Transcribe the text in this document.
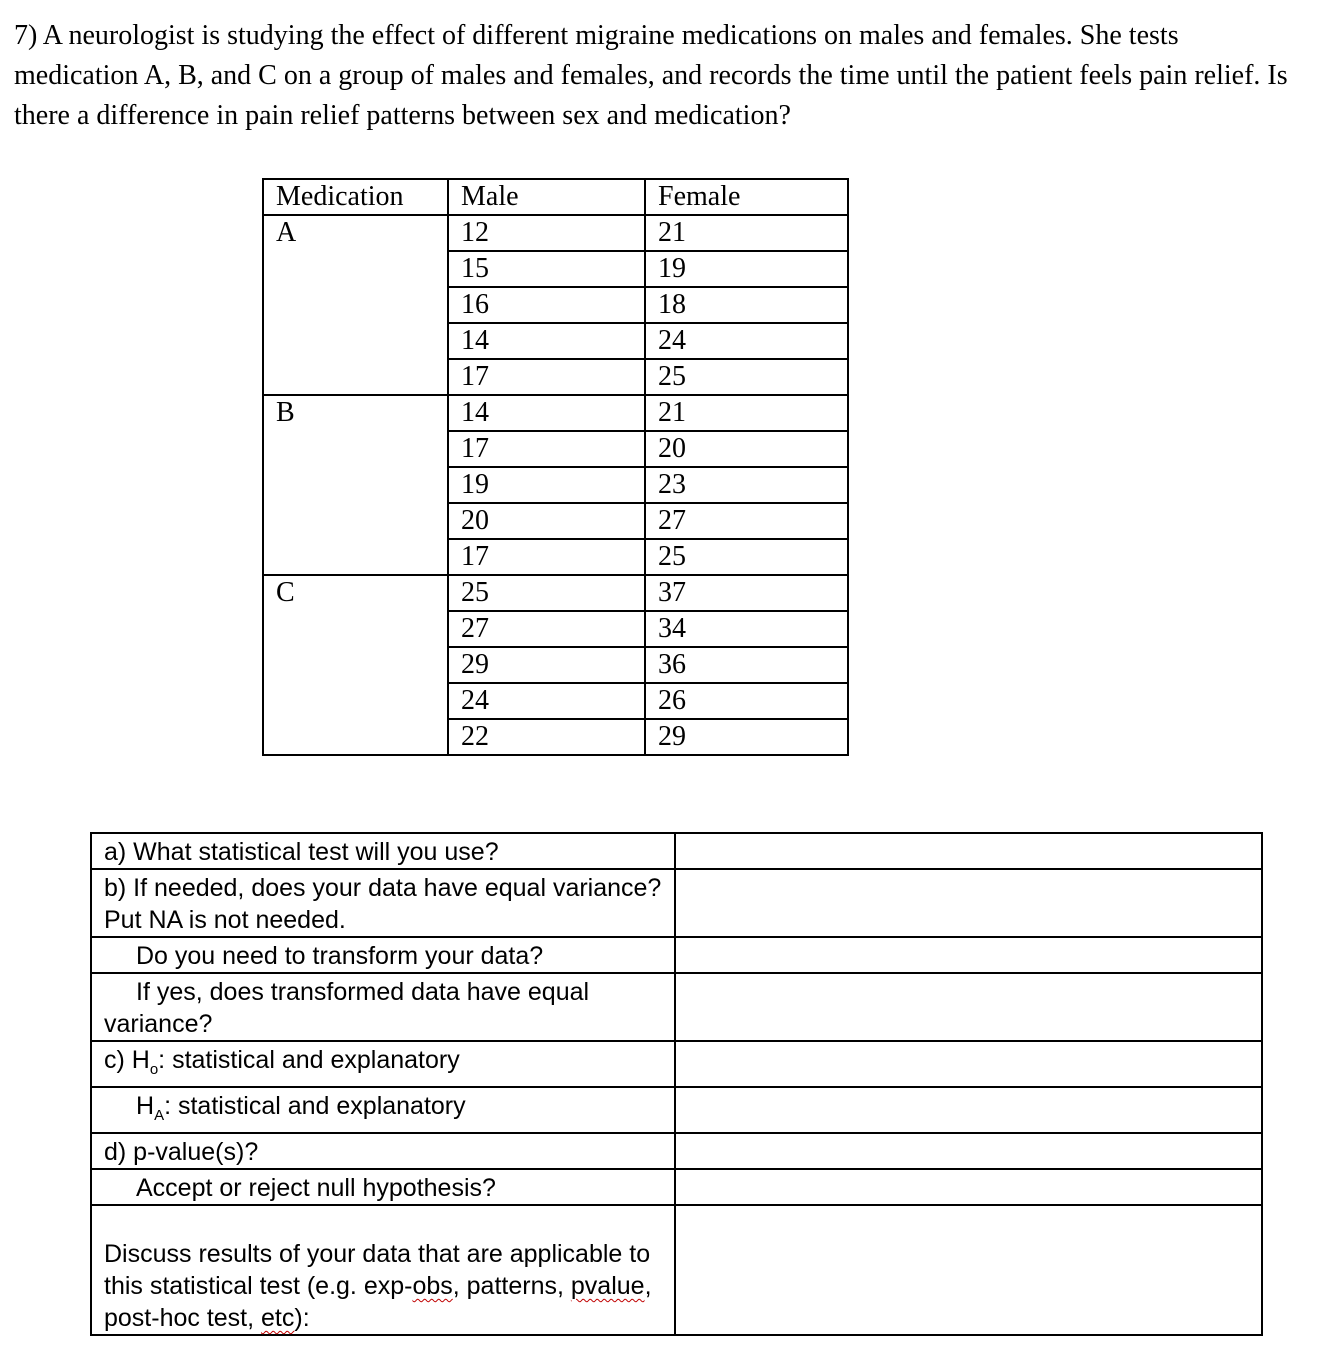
7) A neurologist is studying the effect of different migraine medications on males and females. She tests medication A, B, and C on a group of males and females, and records the time until the patient feels pain relief. Is there a difference in pain relief patterns between sex and medication?

Medication	Male	Female
A	12	21
	15	19
	16	18
	14	24
	17	25
B	14	21
	17	20
	19	23
	20	27
	17	25
C	25	37
	27	34
	29	36
	24	26
	22	29
a) What statistical test will you use?	
b) If needed, does your data have equal variance? Put NA is not needed.	
Do you need to transform your data?	

If yes, does transformed data have equal
variance?	

c) $H_o$: statistical and explanatory	
$H_A$: statistical and explanatory	
d) p-value(s)?	
Accept or reject null hypothesis?	
Discuss results of your data that are applicable to this statistical test (e.g. exp-obs, patterns, pvalue, post-hoc test, etc):	
